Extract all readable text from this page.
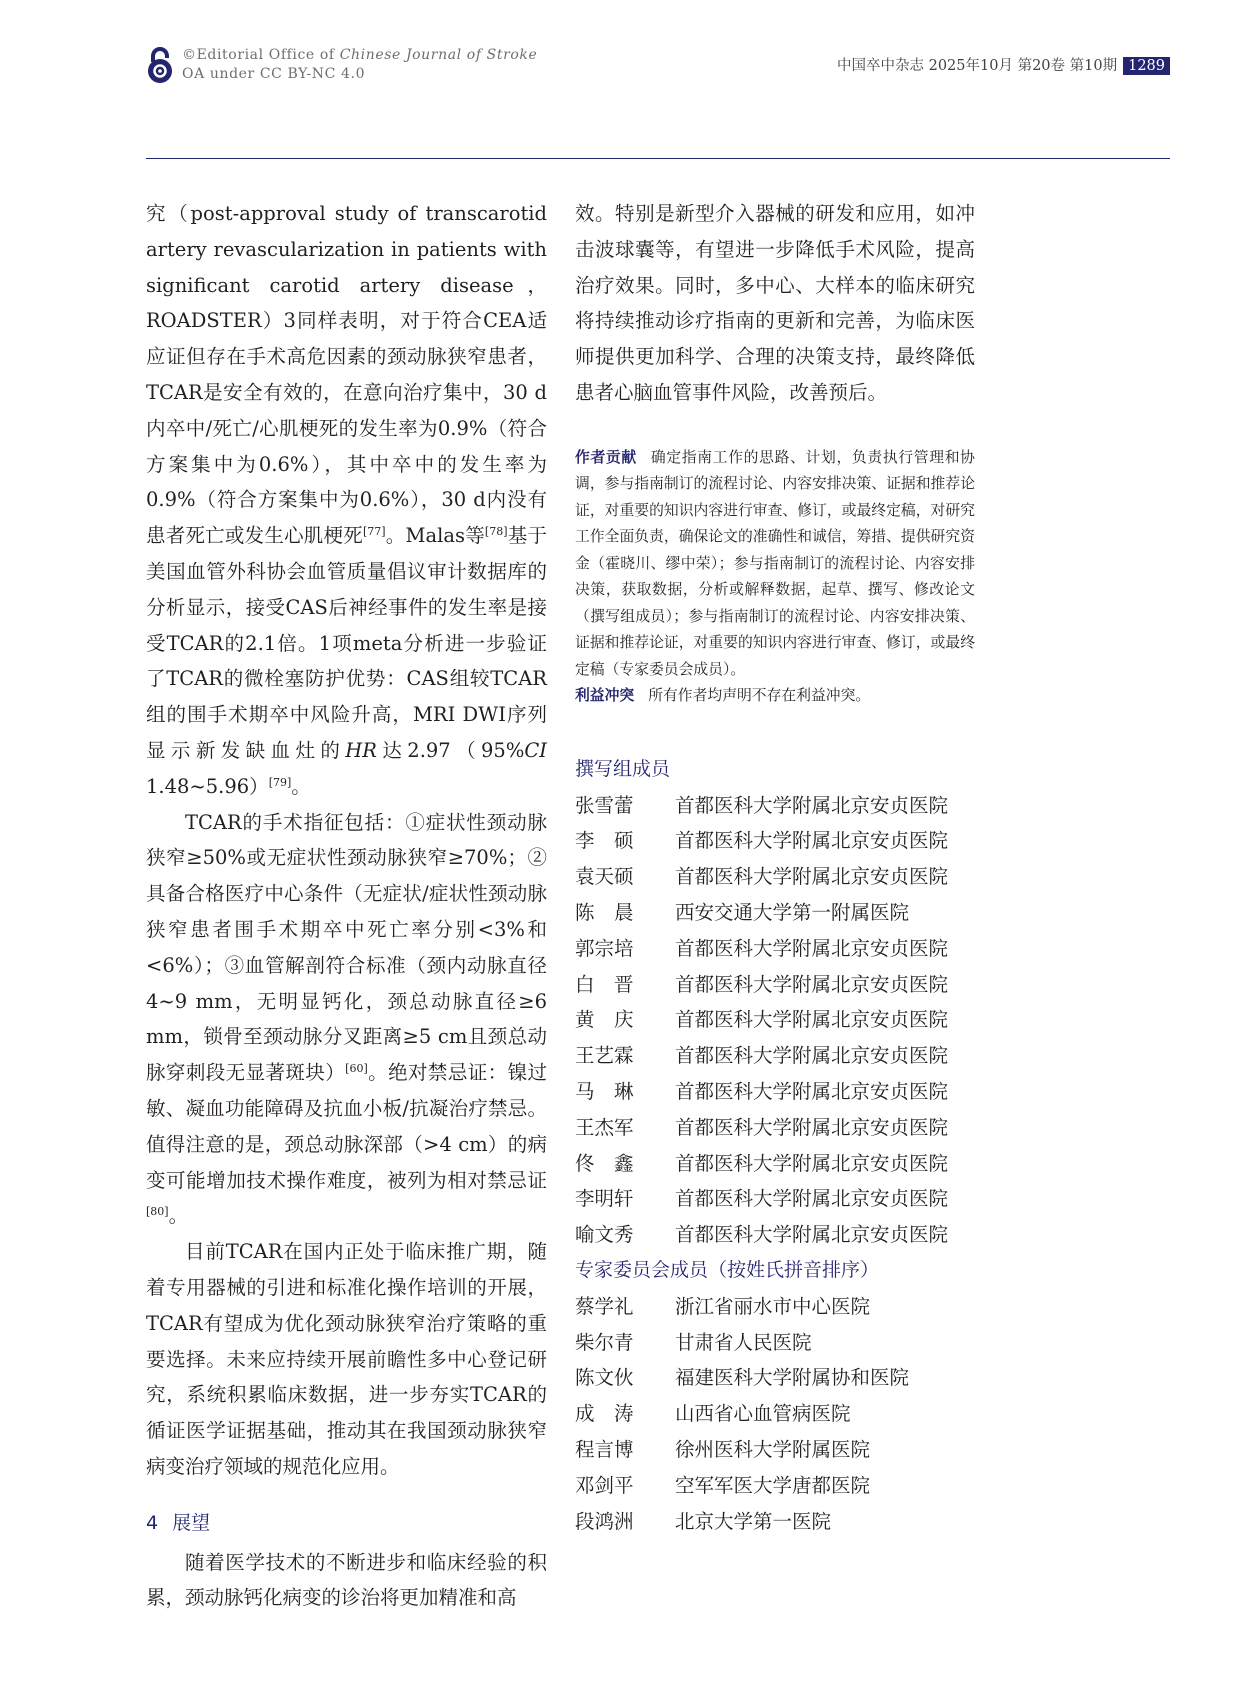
©Editorial Office of Chinese Journal of Stroke
OA under CC BY-NC 4.0	中国卒中杂志 2025年10月 第20卷 第10期 1289

究（post-approval study of transcarotid artery revascularization in patients with significant carotid artery disease，ROADSTER）3同样表明，对于符合CEA适应证但存在手术高危因素的颈动脉狭窄患者，TCAR是安全有效的，在意向治疗集中，30 d内卒中/死亡/心肌梗死的发生率为0.9%（符合方案集中为0.6%），其中卒中的发生率为0.9%（符合方案集中为0.6%），30 d内没有患者死亡或发生心肌梗死[77]。Malas等[78]基于美国血管外科协会血管质量倡议审计数据库的分析显示，接受CAS后神经事件的发生率是接受TCAR的2.1倍。1项meta分析进一步验证了TCAR的微栓塞防护优势：CAS组较TCAR组的围手术期卒中风险升高，MRI DWI序列显示新发缺血灶的HR达2.97（95%CI 1.48~5.96）[79]。

TCAR的手术指征包括：①症状性颈动脉狭窄≥50%或无症状性颈动脉狭窄≥70%；②具备合格医疗中心条件（无症状/症状性颈动脉狭窄患者围手术期卒中死亡率分别<3%和<6%）；③血管解剖符合标准（颈内动脉直径4~9 mm，无明显钙化，颈总动脉直径≥6 mm，锁骨至颈动脉分叉距离≥5 cm且颈总动脉穿刺段无显著斑块）[60]。绝对禁忌证：镍过敏、凝血功能障碍及抗血小板/抗凝治疗禁忌。值得注意的是，颈总动脉深部（>4 cm）的病变可能增加技术操作难度，被列为相对禁忌证[80]。

目前TCAR在国内正处于临床推广期，随着专用器械的引进和标准化操作培训的开展，TCAR有望成为优化颈动脉狭窄治疗策略的重要选择。未来应持续开展前瞻性多中心登记研究，系统积累临床数据，进一步夯实TCAR的循证医学证据基础，推动其在我国颈动脉狭窄病变治疗领域的规范化应用。

4 展望

随着医学技术的不断进步和临床经验的积累，颈动脉钙化病变的诊治将更加精准和高

效。特别是新型介入器械的研发和应用，如冲击波球囊等，有望进一步降低手术风险，提高治疗效果。同时，多中心、大样本的临床研究将持续推动诊疗指南的更新和完善，为临床医师提供更加科学、合理的决策支持，最终降低患者心脑血管事件风险，改善预后。

作者贡献 确定指南工作的思路、计划，负责执行管理和协调，参与指南制订的流程讨论、内容安排决策、证据和推荐论证，对重要的知识内容进行审查、修订，或最终定稿，对研究工作全面负责，确保论文的准确性和诚信，筹措、提供研究资金（霍晓川、缪中荣）；参与指南制订的流程讨论、内容安排决策，获取数据，分析或解释数据，起草、撰写、修改论文（撰写组成员）；参与指南制订的流程讨论、内容安排决策、证据和推荐论证，对重要的知识内容进行审查、修订，或最终定稿（专家委员会成员）。

利益冲突 所有作者均声明不存在利益冲突。

撰写组成员

张雪蕾	首都医科大学附属北京安贞医院
李　硕	首都医科大学附属北京安贞医院
袁天硕	首都医科大学附属北京安贞医院
陈　晨	西安交通大学第一附属医院
郭宗培	首都医科大学附属北京安贞医院
白　晋	首都医科大学附属北京安贞医院
黄　庆	首都医科大学附属北京安贞医院
王艺霖	首都医科大学附属北京安贞医院
马　琳	首都医科大学附属北京安贞医院
王杰军	首都医科大学附属北京安贞医院
佟　鑫	首都医科大学附属北京安贞医院
李明轩	首都医科大学附属北京安贞医院
喻文秀	首都医科大学附属北京安贞医院

专家委员会成员（按姓氏拼音排序）

蔡学礼	浙江省丽水市中心医院
柴尔青	甘肃省人民医院
陈文伙	福建医科大学附属协和医院
成　涛	山西省心血管病医院
程言博	徐州医科大学附属医院
邓剑平	空军军医大学唐都医院
段鸿洲	北京大学第一医院
